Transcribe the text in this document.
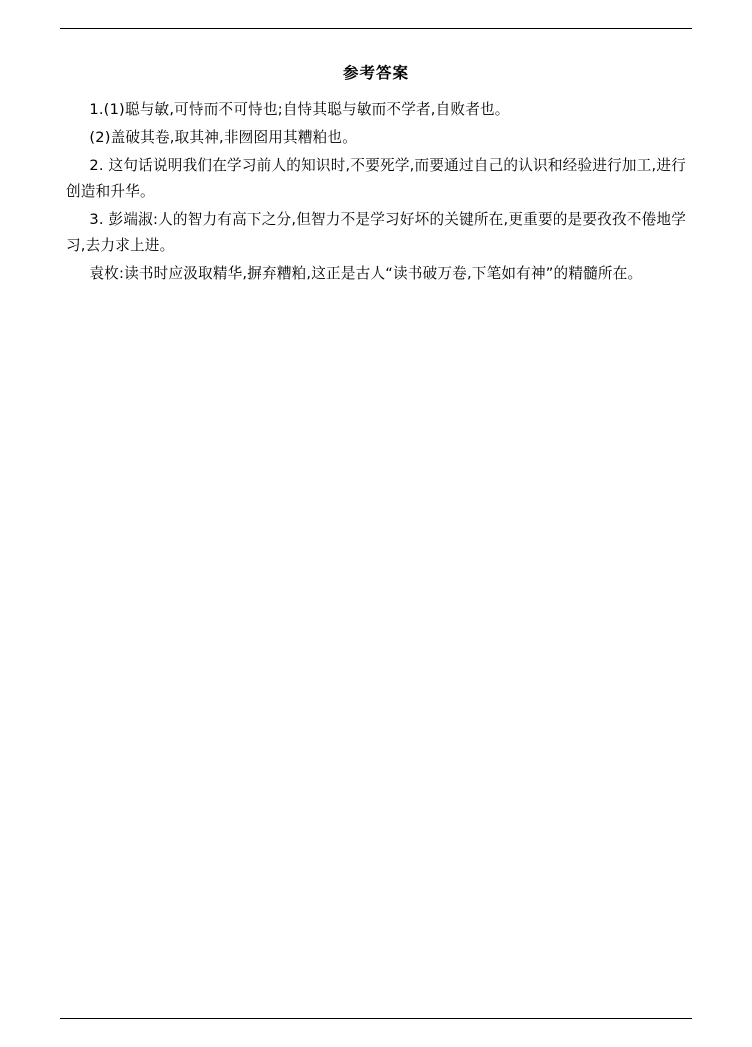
参考答案

1.(1)聪与敏,可恃而不可恃也;自恃其聪与敏而不学者,自败者也。

(2)盖破其卷,取其神,非囫囵用其糟粕也。

2. 这句话说明我们在学习前人的知识时,不要死学,而要通过自己的认识和经验进行加工,进行创造和升华。

3. 彭端淑:人的智力有高下之分,但智力不是学习好坏的关键所在,更重要的是要孜孜不倦地学习,去力求上进。

袁枚:读书时应汲取精华,摒弃糟粕,这正是古人“读书破万卷,下笔如有神”的精髓所在。
